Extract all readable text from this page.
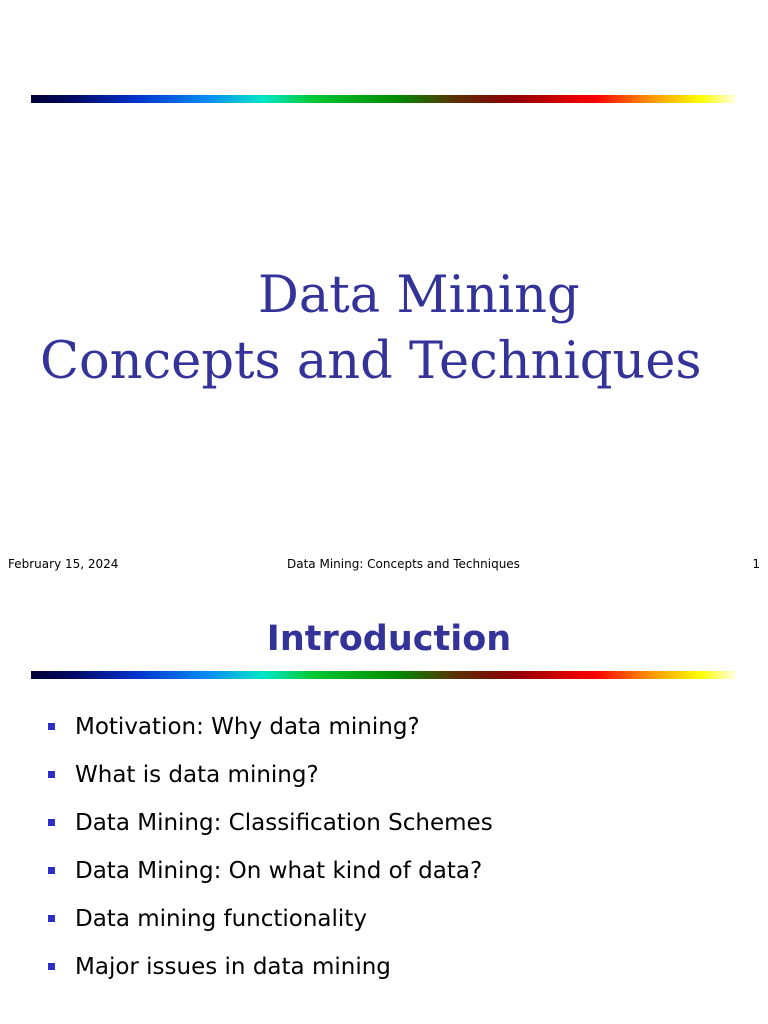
Data Mining
Concepts and Techniques
February 15, 2024	Data Mining: Concepts and Techniques	1
Introduction
Motivation: Why data mining?
What is data mining?
Data Mining: Classification Schemes
Data Mining: On what kind of data?
Data mining functionality
Major issues in data mining
